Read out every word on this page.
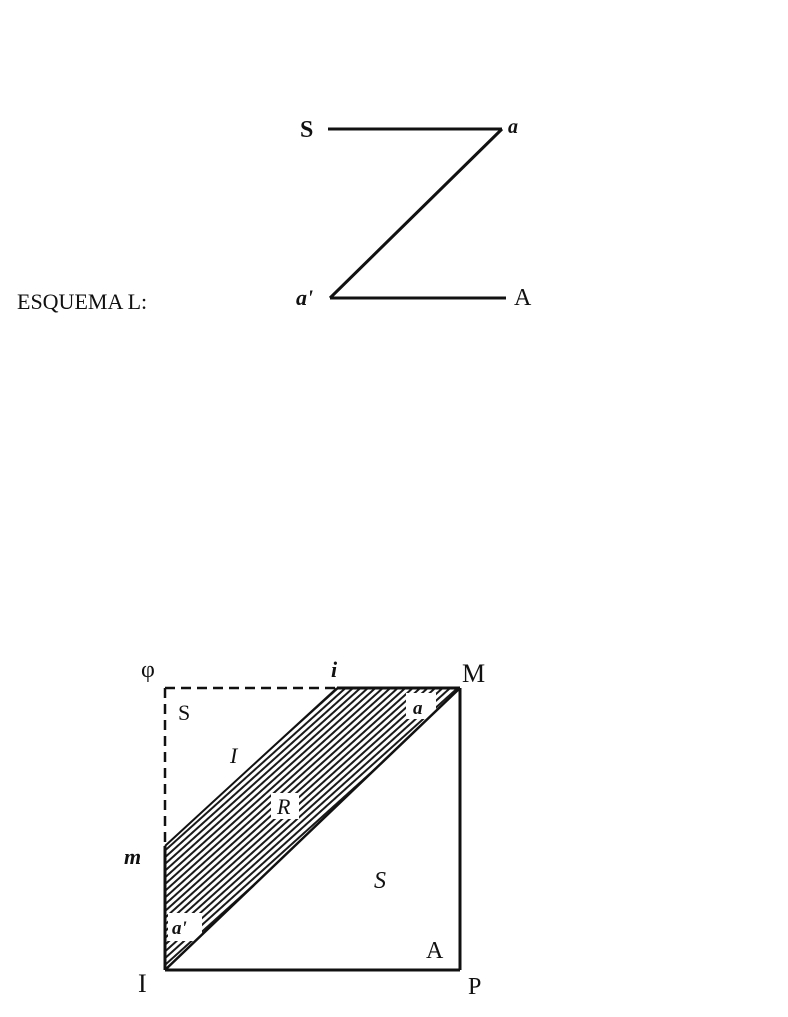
ESQUEMA L:
S	a
a'	A
φ	i	M
S	a
I
R
m
S
a'
A
I	P
